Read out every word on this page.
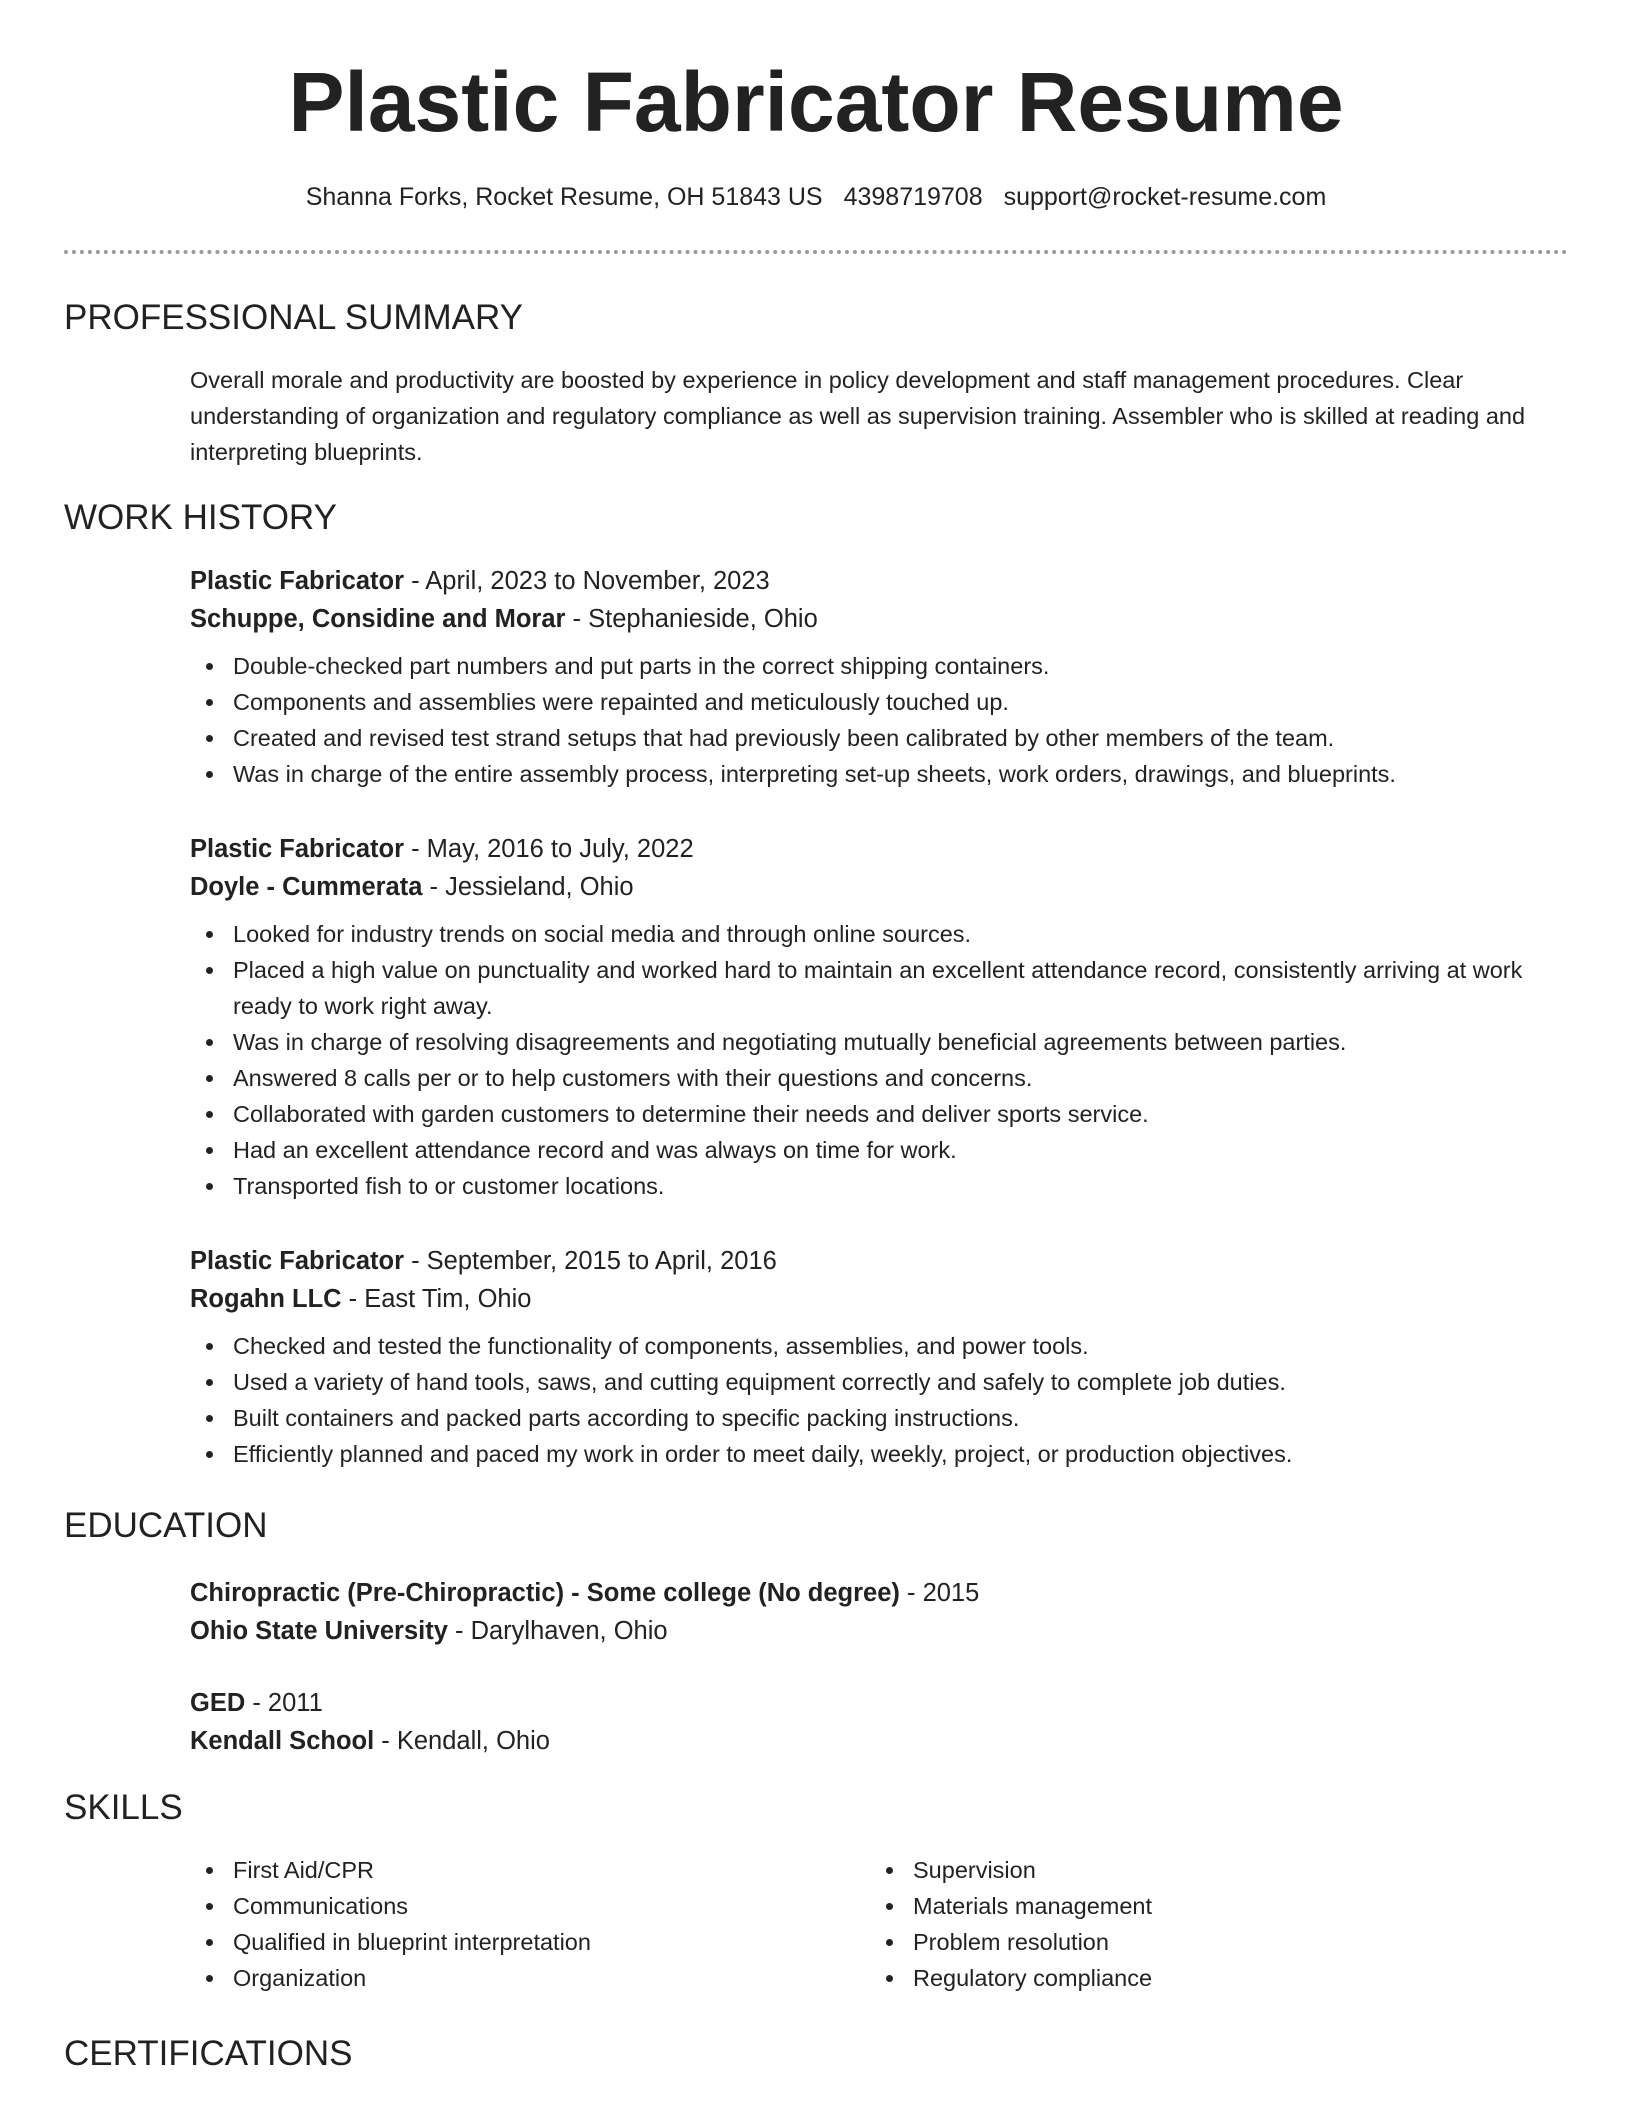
Plastic Fabricator Resume
Shanna Forks, Rocket Resume, OH 51843 US 4398719708 support@rocket-resume.com
PROFESSIONAL SUMMARY

Overall morale and productivity are boosted by experience in policy development and staff management procedures. Clear understanding of organization and regulatory compliance as well as supervision training. Assembler who is skilled at reading and interpreting blueprints.

WORK HISTORY

Plastic Fabricator - April, 2023 to November, 2023

Schuppe, Considine and Morar - Stephanieside, Ohio

Double-checked part numbers and put parts in the correct shipping containers.
Components and assemblies were repainted and meticulously touched up.
Created and revised test strand setups that had previously been calibrated by other members of the team.
Was in charge of the entire assembly process, interpreting set-up sheets, work orders, drawings, and blueprints.

Plastic Fabricator - May, 2016 to July, 2022

Doyle - Cummerata - Jessieland, Ohio

Looked for industry trends on social media and through online sources.
Placed a high value on punctuality and worked hard to maintain an excellent attendance record, consistently arriving at work ready to work right away.
Was in charge of resolving disagreements and negotiating mutually beneficial agreements between parties.
Answered 8 calls per or to help customers with their questions and concerns.
Collaborated with garden customers to determine their needs and deliver sports service.
Had an excellent attendance record and was always on time for work.
Transported fish to or customer locations.

Plastic Fabricator - September, 2015 to April, 2016

Rogahn LLC - East Tim, Ohio

Checked and tested the functionality of components, assemblies, and power tools.
Used a variety of hand tools, saws, and cutting equipment correctly and safely to complete job duties.
Built containers and packed parts according to specific packing instructions.
Efficiently planned and paced my work in order to meet daily, weekly, project, or production objectives.
EDUCATION

Chiropractic (Pre-Chiropractic) - Some college (No degree) - 2015

Ohio State University - Darylhaven, Ohio

GED - 2011

Kendall School - Kendall, Ohio

SKILLS
First Aid/CPR
Communications
Qualified in blueprint interpretation
Organization
Supervision
Materials management
Problem resolution
Regulatory compliance
CERTIFICATIONS
